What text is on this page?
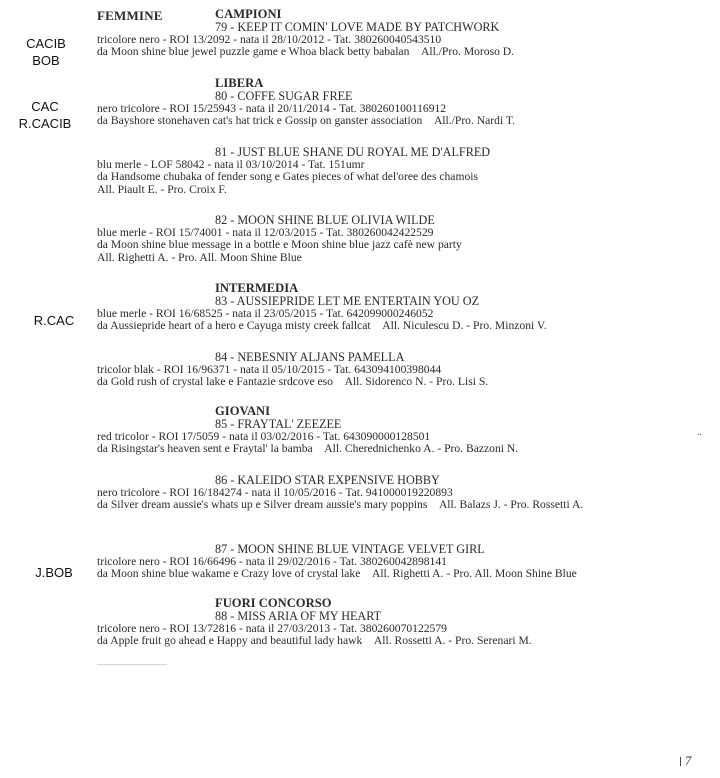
FEMMINE	CAMPIONI
79 - KEEP IT COMIN' LOVE MADE BY PATCHWORK
tricolore nero - ROI 13/2092 - nata il 28/10/2012 - Tat. 380260040543510
da Moon shine blue jewel puzzle game e Whoa black betty babalan All./Pro. Moroso D.
CACIB
BOB
LIBERA
80 - COFFE SUGAR FREE
nero tricolore - ROI 15/25943 - nata il 20/11/2014 - Tat. 380260100116912
da Bayshore stonehaven cat's hat trick e Gossip on ganster association All./Pro. Nardi T.
CAC
R.CACIB
81 - JUST BLUE SHANE DU ROYAL ME D'ALFRED
blu merle - LOF 58042 - nata il 03/10/2014 - Tat. 151umr
da Handsome chubaka of fender song e Gates pieces of what del'oree des chamois
All. Piault E. - Pro. Croix F.
82 - MOON SHINE BLUE OLIVIA WILDE
blue merle - ROI 15/74001 - nata il 12/03/2015 - Tat. 380260042422529
da Moon shine blue message in a bottle e Moon shine blue jazz cafè new party
All. Righetti A. - Pro. All. Moon Shine Blue
INTERMEDIA
83 - AUSSIEPRIDE LET ME ENTERTAIN YOU OZ
blue merle - ROI 16/68525 - nata il 23/05/2015 - Tat. 642099000246052
da Aussiepride heart of a hero e Cayuga misty creek fallcat All. Niculescu D. - Pro. Minzoni V.
R.CAC
84 - NEBESNIY ALJANS PAMELLA
tricolor blak - ROI 16/96371 - nata il 05/10/2015 - Tat. 643094100398044
da Gold rush of crystal lake e Fantazie srdcove eso All. Sidorenco N. - Pro. Lisi S.
GIOVANI
85 - FRAYTAL' ZEEZEE
red tricolor - ROI 17/5059 - nata il 03/02/2016 - Tat. 643090000128501
da Risingstar's heaven sent e Fraytal' la bamba All. Cherednichenko A. - Pro. Bazzoni N.
86 - KALEIDO STAR EXPENSIVE HOBBY
nero tricolore - ROI 16/184274 - nata il 10/05/2016 - Tat. 941000019220893
da Silver dream aussie's whats up e Silver dream aussie's mary poppins All. Balazs J. - Pro. Rossetti A.
87 - MOON SHINE BLUE VINTAGE VELVET GIRL
tricolore nero - ROI 16/66496 - nata il 29/02/2016 - Tat. 380260042898141
da Moon shine blue wakame e Crazy love of crystal lake All. Righetti A. - Pro. All. Moon Shine Blue
J.BOB
FUORI CONCORSO
88 - MISS ARIA OF MY HEART
tricolore nero - ROI 13/72816 - nata il 27/03/2013 - Tat. 380260070122579
da Apple fruit go ahead e Happy and beautiful lady hawk All. Rossetti A. - Pro. Serenari M.
..
7
